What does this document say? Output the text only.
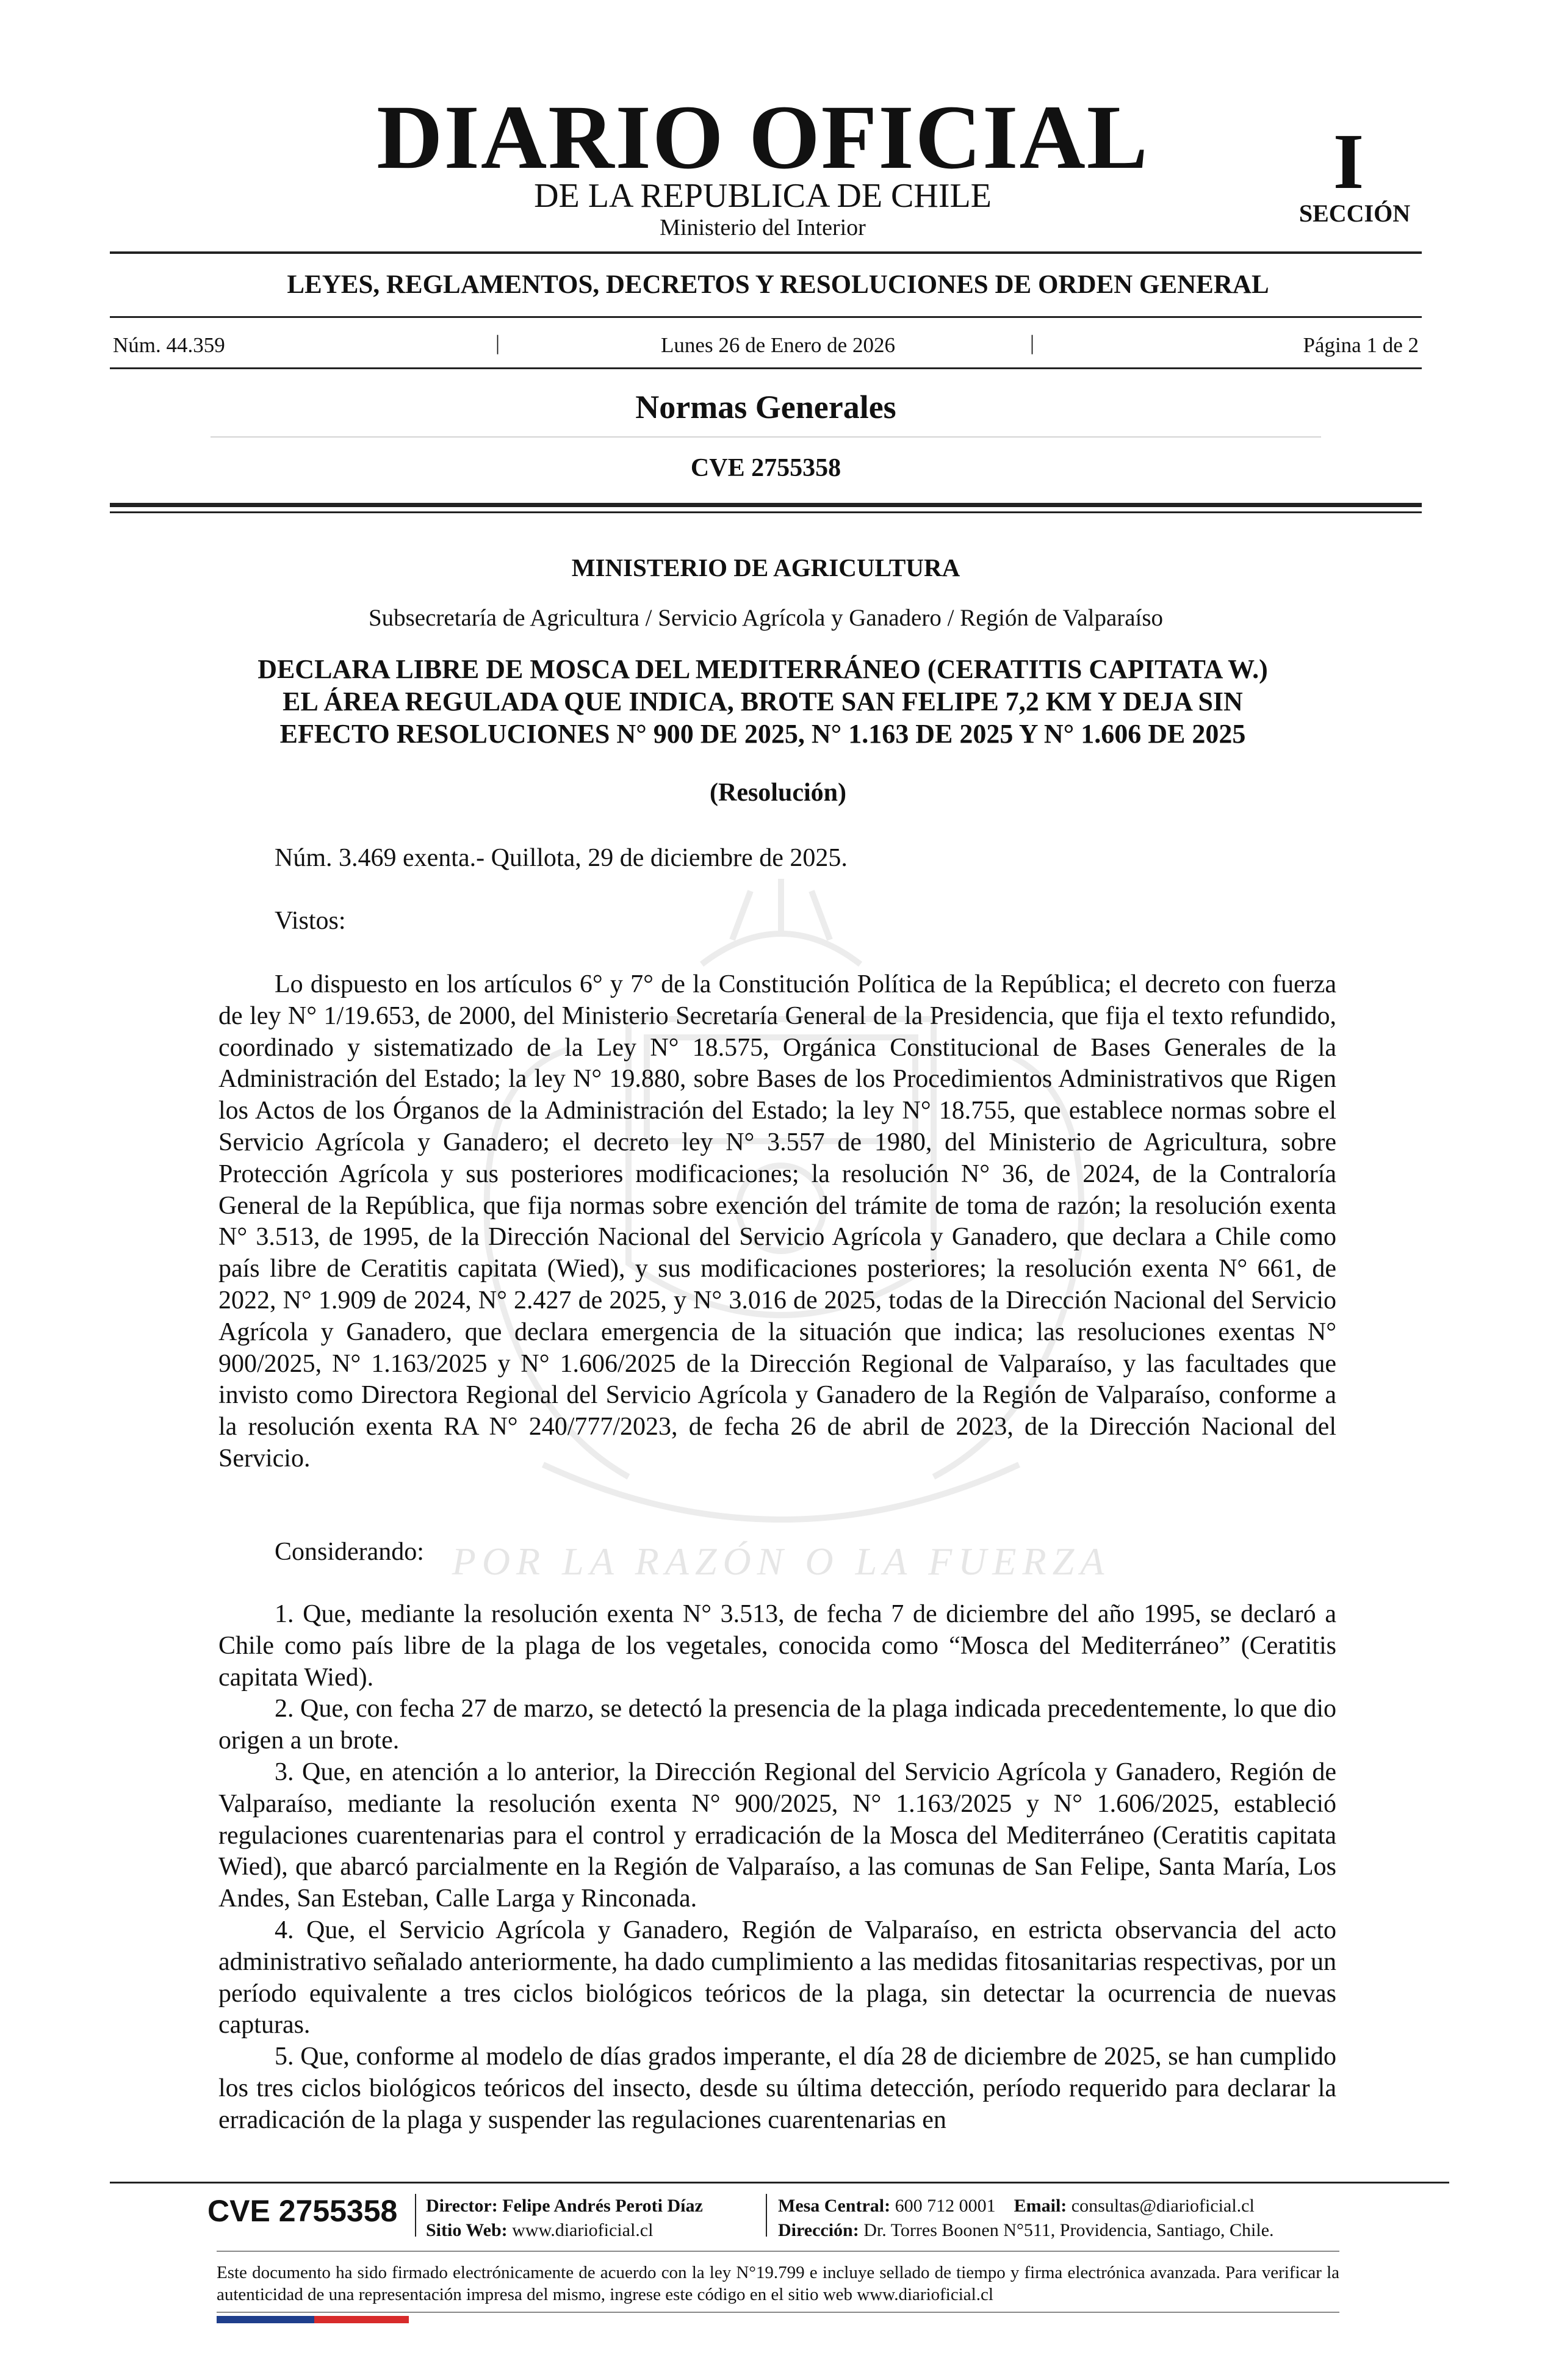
POR LA RAZÓN O LA FUERZA
DIARIO OFICIAL
DE LA REPUBLICA DE CHILE
Ministerio del Interior
I
SECCIÓN
LEYES, REGLAMENTOS, DECRETOS Y RESOLUCIONES DE ORDEN GENERAL
Núm. 44.359	|	Lunes 26 de Enero de 2026	|	Página 1 de 2
Normas Generales
CVE 2755358
MINISTERIO DE AGRICULTURA
Subsecretaría de Agricultura / Servicio Agrícola y Ganadero / Región de Valparaíso
DECLARA LIBRE DE MOSCA DEL MEDITERRÁNEO (CERATITIS CAPITATA W.)
EL ÁREA REGULADA QUE INDICA, BROTE SAN FELIPE 7,2 KM Y DEJA SIN
EFECTO RESOLUCIONES N° 900 DE 2025, N° 1.163 DE 2025 Y N° 1.606 DE 2025
(Resolución)
Núm. 3.469 exenta.- Quillota, 29 de diciembre de 2025.
Vistos:
Lo dispuesto en los artículos 6° y 7° de la Constitución Política de la República; el decreto con fuerza de ley N° 1/19.653, de 2000, del Ministerio Secretaría General de la Presidencia, que fija el texto refundido, coordinado y sistematizado de la Ley N° 18.575, Orgánica Constitucional de Bases Generales de la Administración del Estado; la ley N° 19.880, sobre Bases de los Procedimientos Administrativos que Rigen los Actos de los Órganos de la Administración del Estado; la ley N° 18.755, que establece normas sobre el Servicio Agrícola y Ganadero; el decreto ley N° 3.557 de 1980, del Ministerio de Agricultura, sobre Protección Agrícola y sus posteriores modificaciones; la resolución N° 36, de 2024, de la Contraloría General de la República, que fija normas sobre exención del trámite de toma de razón; la resolución exenta N° 3.513, de 1995, de la Dirección Nacional del Servicio Agrícola y Ganadero, que declara a Chile como país libre de Ceratitis capitata (Wied), y sus modificaciones posteriores; la resolución exenta N° 661, de 2022, N° 1.909 de 2024, N° 2.427 de 2025, y N° 3.016 de 2025, todas de la Dirección Nacional del Servicio Agrícola y Ganadero, que declara emergencia de la situación que indica; las resoluciones exentas N° 900/2025, N° 1.163/2025 y N° 1.606/2025 de la Dirección Regional de Valparaíso, y las facultades que invisto como Directora Regional del Servicio Agrícola y Ganadero de la Región de Valparaíso, conforme a la resolución exenta RA N° 240/777/2023, de fecha 26 de abril de 2023, de la Dirección Nacional del Servicio.
Considerando:
1. Que, mediante la resolución exenta N° 3.513, de fecha 7 de diciembre del año 1995, se declaró a Chile como país libre de la plaga de los vegetales, conocida como “Mosca del Mediterráneo” (Ceratitis capitata Wied).
2. Que, con fecha 27 de marzo, se detectó la presencia de la plaga indicada precedentemente, lo que dio origen a un brote.
3. Que, en atención a lo anterior, la Dirección Regional del Servicio Agrícola y Ganadero, Región de Valparaíso, mediante la resolución exenta N° 900/2025, N° 1.163/2025 y N° 1.606/2025, estableció regulaciones cuarentenarias para el control y erradicación de la Mosca del Mediterráneo (Ceratitis capitata Wied), que abarcó parcialmente en la Región de Valparaíso, a las comunas de San Felipe, Santa María, Los Andes, San Esteban, Calle Larga y Rinconada.
4. Que, el Servicio Agrícola y Ganadero, Región de Valparaíso, en estricta observancia del acto administrativo señalado anteriormente, ha dado cumplimiento a las medidas fitosanitarias respectivas, por un período equivalente a tres ciclos biológicos teóricos de la plaga, sin detectar la ocurrencia de nuevas capturas.
5. Que, conforme al modelo de días grados imperante, el día 28 de diciembre de 2025, se han cumplido los tres ciclos biológicos teóricos del insecto, desde su última detección, período requerido para declarar la erradicación de la plaga y suspender las regulaciones cuarentenarias en
CVE 2755358 Director: Felipe Andrés Peroti Díaz
Sitio Web: www.diarioficial.cl
Mesa Central: 600 712 0001 Email: consultas@diarioficial.cl
Dirección: Dr. Torres Boonen N°511, Providencia, Santiago, Chile.
Este documento ha sido firmado electrónicamente de acuerdo con la ley N°19.799 e incluye sellado de tiempo y firma electrónica avanzada. Para verificar la autenticidad de una representación impresa del mismo, ingrese este código en el sitio web www.diarioficial.cl
